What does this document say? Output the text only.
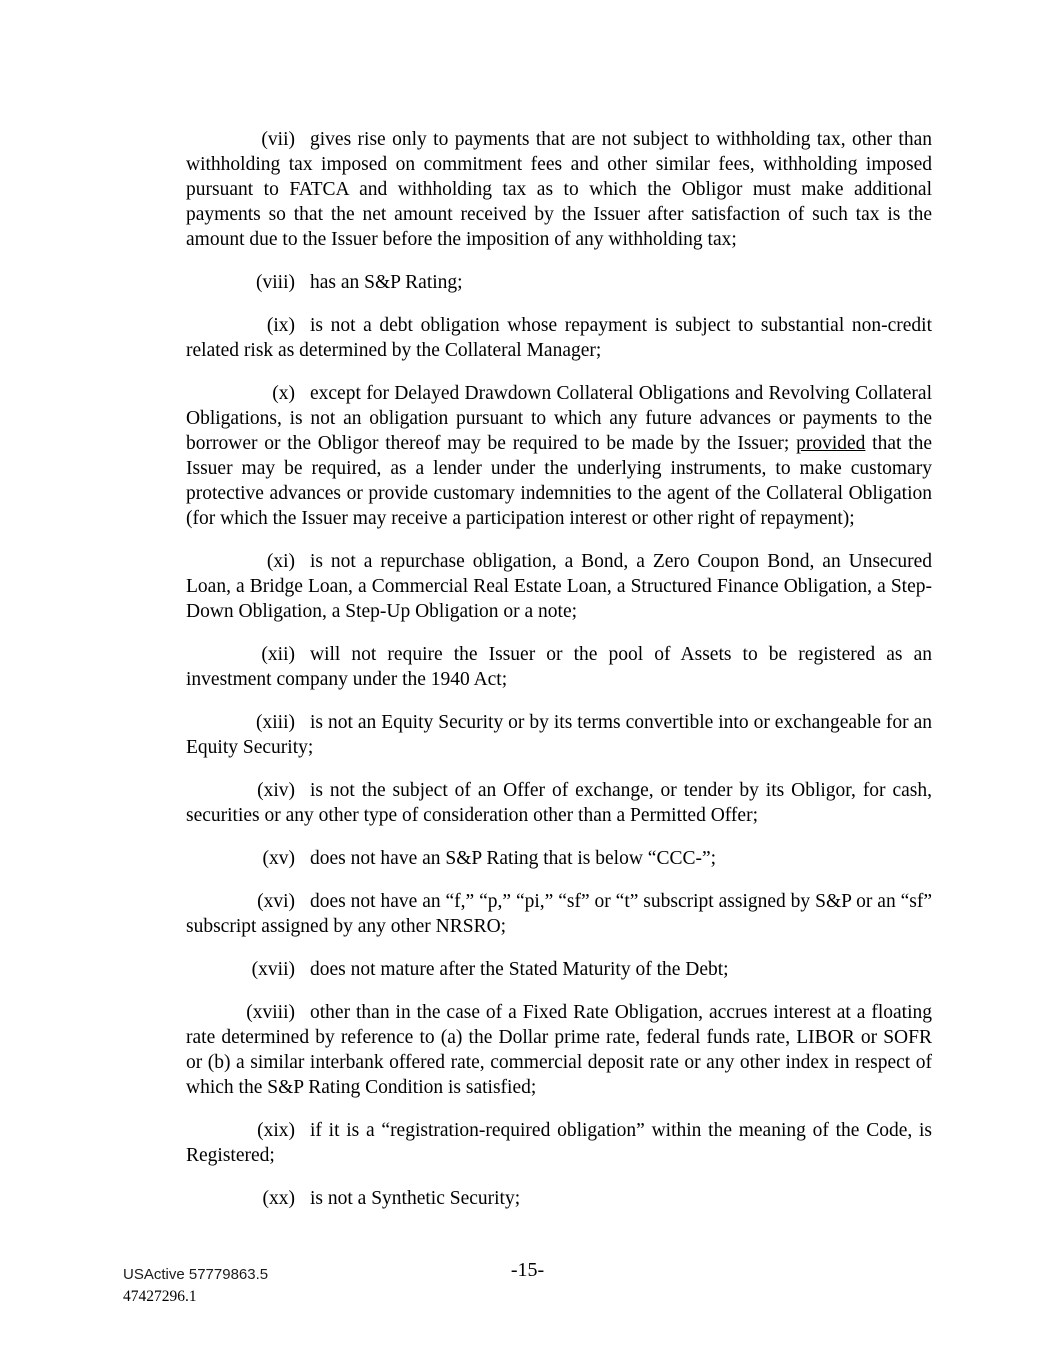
(vii) gives rise only to payments that are not subject to withholding tax, other than withholding tax imposed on commitment fees and other similar fees, withholding imposed pursuant to FATCA and withholding tax as to which the Obligor must make additional payments so that the net amount received by the Issuer after satisfaction of such tax is the amount due to the Issuer before the imposition of any withholding tax;

(viii) has an S&P Rating;

(ix) is not a debt obligation whose repayment is subject to substantial non-credit related risk as determined by the Collateral Manager;

(x) except for Delayed Drawdown Collateral Obligations and Revolving Collateral Obligations, is not an obligation pursuant to which any future advances or payments to the borrower or the Obligor thereof may be required to be made by the Issuer; provided that the Issuer may be required, as a lender under the underlying instruments, to make customary protective advances or provide customary indemnities to the agent of the Collateral Obligation (for which the Issuer may receive a participation interest or other right of repayment);

(xi) is not a repurchase obligation, a Bond, a Zero Coupon Bond, an Unsecured Loan, a Bridge Loan, a Commercial Real Estate Loan, a Structured Finance Obligation, a Step-Down Obligation, a Step-Up Obligation or a note;

(xii) will not require the Issuer or the pool of Assets to be registered as an investment company under the 1940 Act;

(xiii) is not an Equity Security or by its terms convertible into or exchangeable for an Equity Security;

(xiv) is not the subject of an Offer of exchange, or tender by its Obligor, for cash, securities or any other type of consideration other than a Permitted Offer;

(xv) does not have an S&P Rating that is below “CCC-”;

(xvi) does not have an “f,” “p,” “pi,” “sf” or “t” subscript assigned by S&P or an “sf” subscript assigned by any other NRSRO;

(xvii) does not mature after the Stated Maturity of the Debt;

(xviii) other than in the case of a Fixed Rate Obligation, accrues interest at a floating rate determined by reference to (a) the Dollar prime rate, federal funds rate, LIBOR or SOFR or (b) a similar interbank offered rate, commercial deposit rate or any other index in respect of which the S&P Rating Condition is satisfied;

(xix) if it is a “registration-required obligation” within the meaning of the Code, is Registered;

(xx) is not a Synthetic Security;

USActive 57779863.5	-15-
47427296.1
